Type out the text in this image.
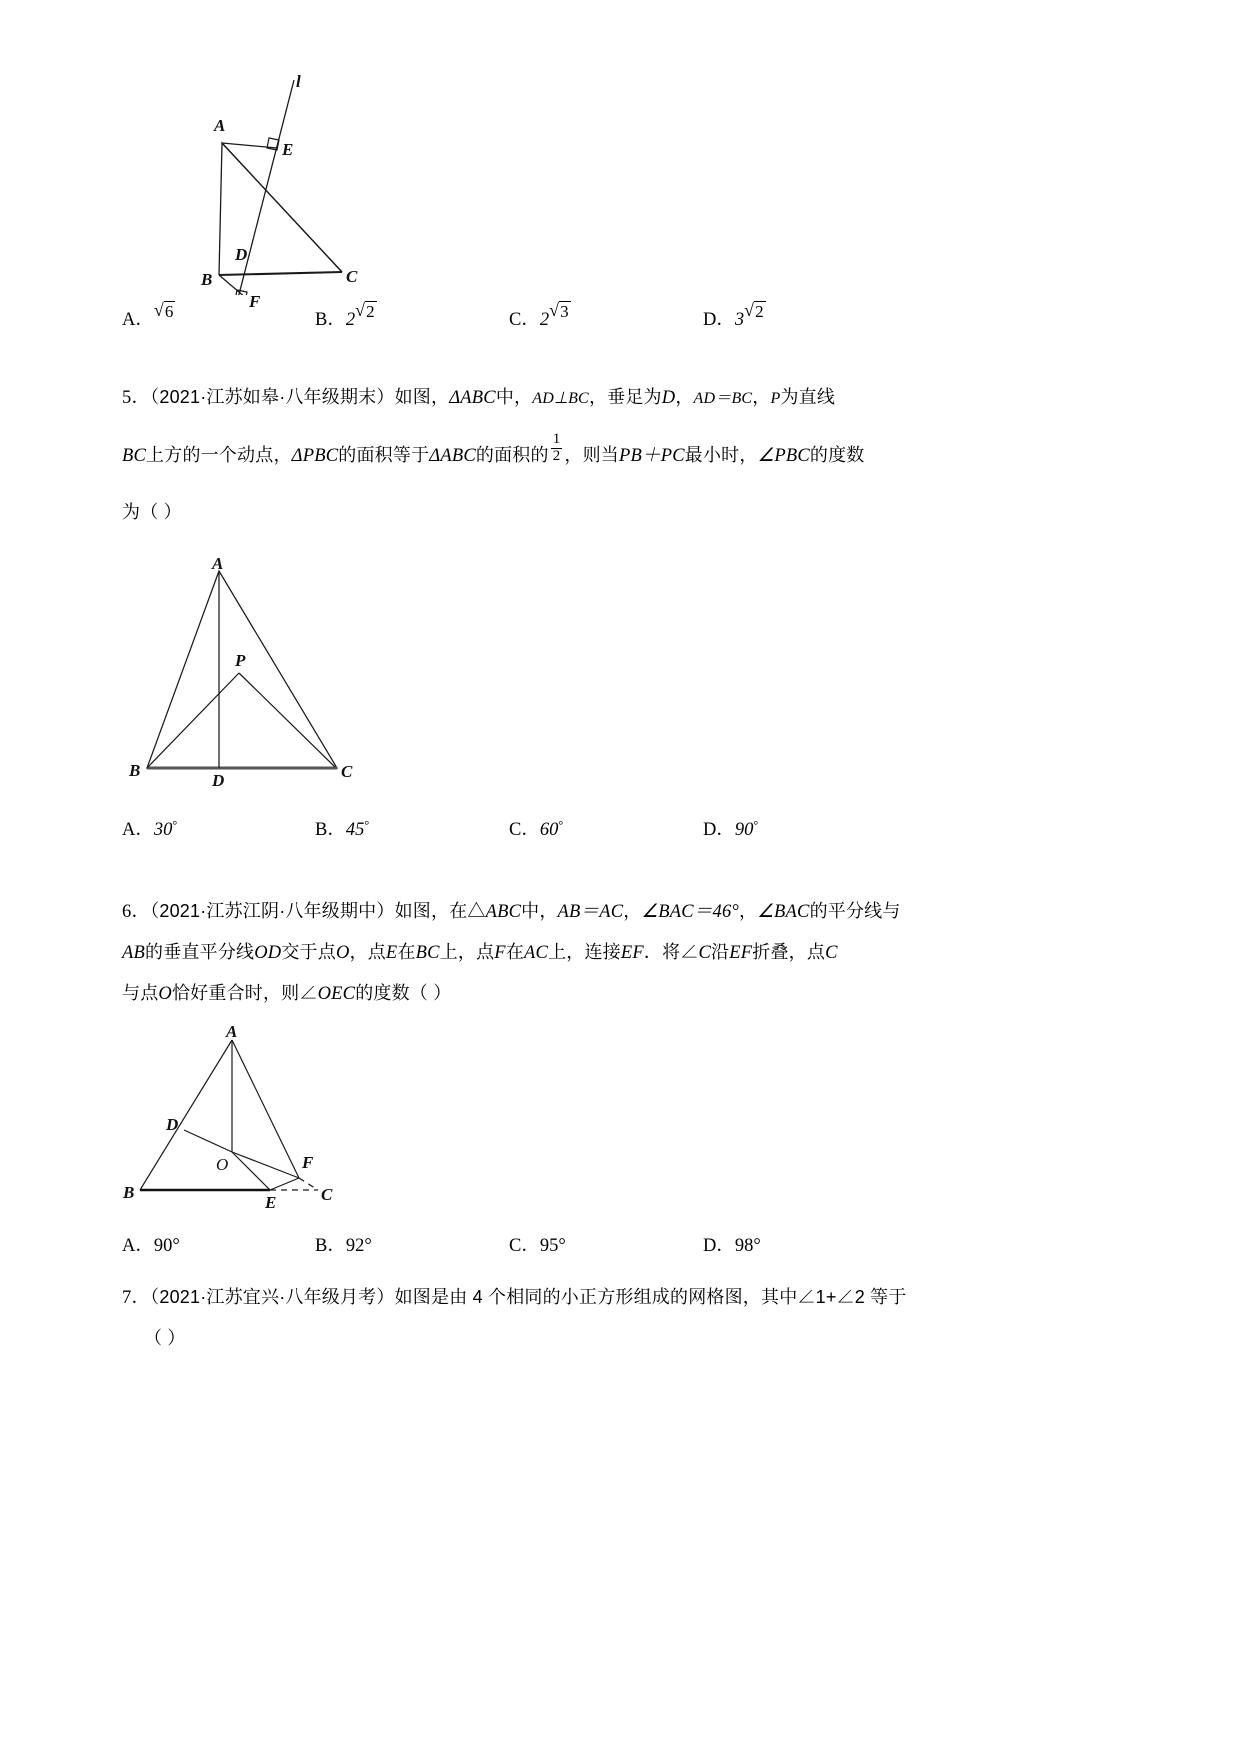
A
B	C
D
E
F
l
A． √ 6	B．2 √ 2	C．2 √ 3	D．3 √ 2
5．（2021·江苏如皋·八年级期末）如图，ΔABC中，AD⊥BC，垂足为D，AD＝BC，P为直线
BC上方的一个动点，ΔPBC的面积等于ΔABC的面积的 $\frac{1}{2}$ ，则当PB＋PC最小时，∠PBC的度数
为（ ）
A
B	C
D
P
A．30°	B．45°	C．60°	D．90°
6．（2021·江苏江阴·八年级期中）如图，在△ABC中，AB＝AC，∠BAC＝46°，∠BAC的平分线与
AB的垂直平分线OD交于点O，点E在BC上，点F在AC上，连接EF．将∠C沿EF折叠，点C
与点O恰好重合时，则∠OEC的度数（ ）
A
B	C
D
E
F
O
A．90°	B．92°	C．95°	D．98°
7．（2021·江苏宜兴·八年级月考）如图是由 4 个相同的小正方形组成的网格图，其中∠1+∠2 等于
（ ）
